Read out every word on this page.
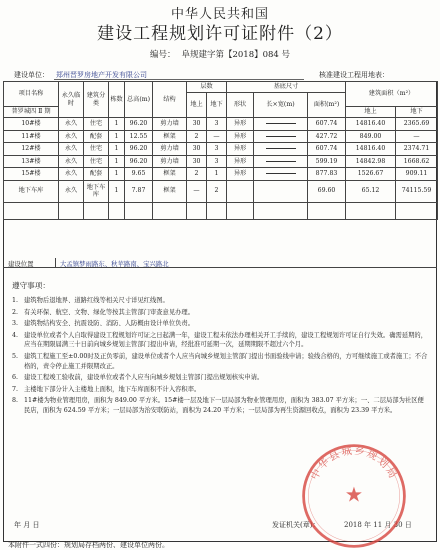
中华人民共和国
建设工程规划许可证附件（2）
编号： 阜规建字第【2018】084 号
建设单位： 郑州晋罗房地产开发有限公司	核准建设工程用地表：
项目名称	永久临时	建筑分类	栋数	总高(m)	结构	层数		基底尺寸			建筑面积（m²）	
						地上	地下	形状	长×宽(m)	面积(m²)		
普罗城四 Ⅱ 期											地上	地下
10#楼	永久	住宅	1	96.20	剪力墙	30	3	异形		607.74	14816.40	2365.69
11#楼	永久	配套	1	12.55	框架	2	—	异形		427.72	849.00	—
12#楼	永久	住宅	1	96.20	剪力墙	30	3	异形		607.74	14816.40	2374.71
13#楼	永久	住宅	1	96.20	剪力墙	30	3	异形		599.19	14842.98	1668.62
15#楼	永久	配套	1	9.65	框架	2	1	异形		877.83	1526.67	909.11
地下车库	永久	地下车库	1	7.87	框架	—	2			69.60	65.12	74115.59

建设位置	大孟镇梦雨路东、秋苹路南、宝兴路北
遵守事项：
1. 建筑物后退地界、道路红线等相关尺寸详见红线图。
2. 有关环保、航空、文物、绿化等按其主管部门审查意见办理。
3. 建筑物结构安全、抗震设防、消防、人防概由设计单位负责。
4. 建设单位或者个人自取得建设工程规划许可证之日起满一年，建设工程未依法办理相关开工手续的，建设工程规划许可证自行失效。确需延期的，应当在期限届满三十日前向城乡规划主管部门提出申请，经批准可延期一次，延期期限不超过六个月。
5. 建筑工程施工至±0.00时及正负零前，建设单位或者个人应当向城乡规划主管部门提出书面验线申请；验线合格的，方可继续施工或者施工；不合格的，责令停止施工并限期改正。
6. 建设工程竣工验收前，建设单位或者个人应当向城乡规划主管部门提出规划核实申请。
7. 主楼地下部分计入主楼地上面积，地下车库面积不计入容积率。
8. 11#楼为物业管理用房，面积为 849.00 平方米。15#楼一层及地下一层局部为物业管理用房，面积为 383.07 平方米；一、二层局部为社区便民店，面积为 624.59 平方米；一层局部为治安联防站，面积为 24.20 平方米；一层局部为再生资源回收点，面积为 23.39 平方米。
年 月 日	发证机关(章)：	2018 年 11 月 30 日
本附件一式四份：规划局存档两份、建设单位两份。
★
中华县城乡规划局
